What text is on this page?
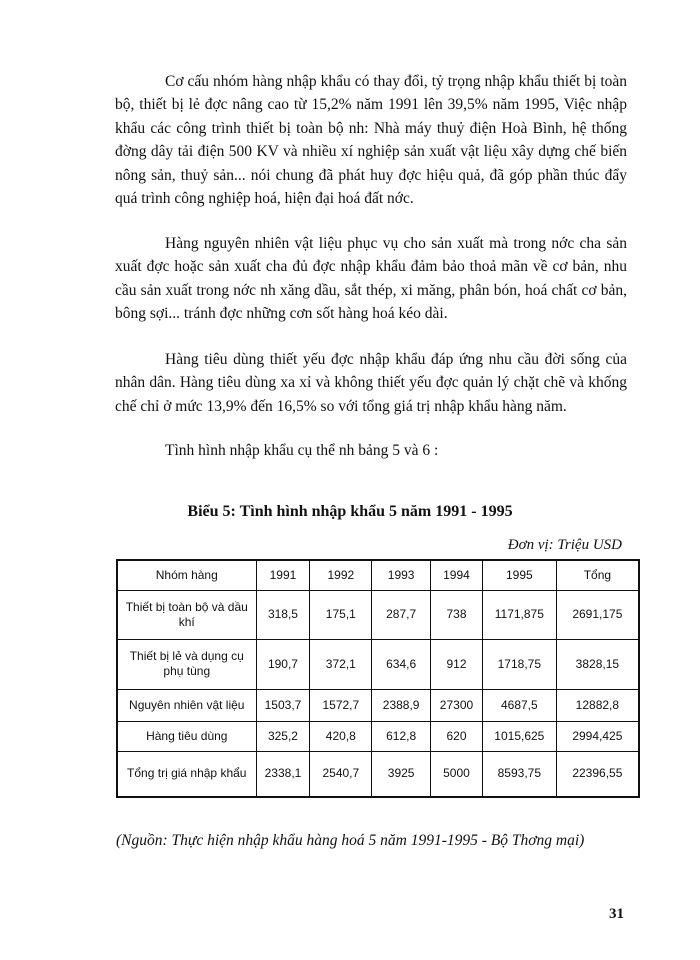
Cơ cấu nhóm hàng nhập khẩu có thay đổi, tỷ trọng nhập khẩu thiết bị toàn bộ, thiết bị lẻ đợc nâng cao từ 15,2% năm 1991 lên 39,5% năm 1995, Việc nhập khẩu các công trình thiết bị toàn bộ nh: Nhà máy thuỷ điện Hoà Bình, hệ thống đờng dây tải điện 500 KV và nhiều xí nghiệp sản xuất vật liệu xây dựng chế biến nông sản, thuỷ sản... nói chung đã phát huy đợc hiệu quả, đã góp phần thúc đẩy quá trình công nghiệp hoá, hiện đại hoá đất nớc.

Hàng nguyên nhiên vật liệu phục vụ cho sản xuất mà trong nớc cha sản xuất đợc hoặc sản xuất cha đủ đợc nhập khẩu đảm bảo thoả mãn về cơ bản, nhu cầu sản xuất trong nớc nh xăng dầu, sắt thép, xi măng, phân bón, hoá chất cơ bản, bông sợi... tránh đợc những cơn sốt hàng hoá kéo dài.

Hàng tiêu dùng thiết yếu đợc nhập khẩu đáp ứng nhu cầu đời sống của nhân dân. Hàng tiêu dùng xa xỉ và không thiết yếu đợc quản lý chặt chẽ và khống chế chỉ ở mức 13,9% đến 16,5% so với tổng giá trị nhập khẩu hàng năm.

Tình hình nhập khẩu cụ thể nh bảng 5 và 6 :

Biểu 5: Tình hình nhập khẩu 5 năm 1991 - 1995

Đơn vị: Triệu USD
Nhóm hàng	1991	1992	1993	1994	1995	Tổng
Thiết bị toàn bộ và dầu khí	318,5	175,1	287,7	738	1171,875	2691,175
Thiết bị lẻ và dụng cụ phụ tùng	190,7	372,1	634,6	912	1718,75	3828,15
Nguyên nhiên vật liệu	1503,7	1572,7	2388,9	27300	4687,5	12882,8
Hàng tiêu dùng	325,2	420,8	612,8	620	1015,625	2994,425
Tổng trị giá nhập khẩu	2338,1	2540,7	3925	5000	8593,75	22396,55

(Nguồn: Thực hiện nhập khẩu hàng hoá 5 năm 1991-1995 - Bộ Thơng mại)

31
